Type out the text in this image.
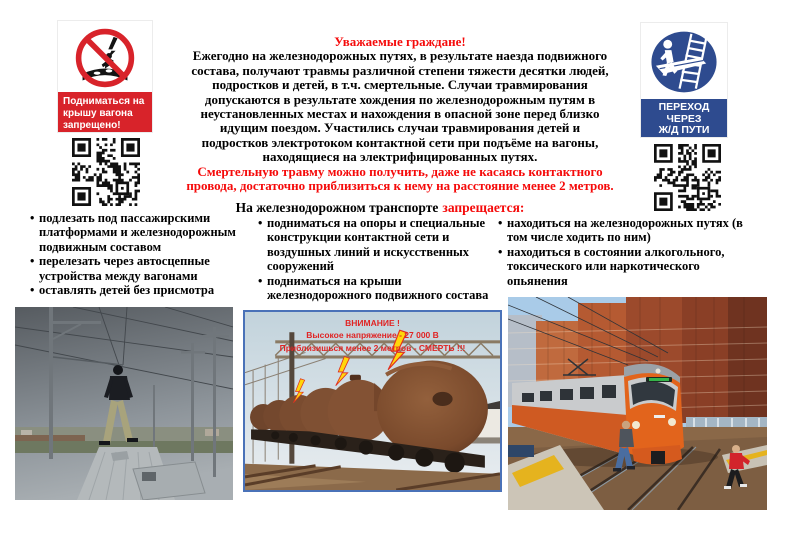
Подниматься на крышу вагона запрещено!
Уважаемые граждане!
Ежегодно на железнодорожных путях, в результате наезда подвижного состава, получают травмы различной степени тяжести десятки людей, подростков и детей, в т.ч. смертельные. Случаи травмирования допускаются в результате хождения по железнодорожным путям в неустановленных местах и нахождения в опасной зоне перед близко идущим поездом. Участились случаи травмирования детей и подростков электротоком контактной сети при подъёме на вагоны, находящиеся на электрифицированных путях.
Смертельную травму можно получить, даже не касаясь контактного
провода, достаточно приблизиться к нему на расстояние менее 2 метров.
ПЕРЕХОД
ЧЕРЕЗ
Ж/Д ПУТИ
На железнодорожном транспорте запрещается:
• подлезать под пассажирскими платформами и железнодорожным подвижным составом
• перелезать через автосцепные устройства между вагонами
• оставлять детей без присмотра
• подниматься на опоры и специальные конструкции контактной сети и воздушных линий и искусственных сооружений
• подниматься на крыши железнодорожного подвижного состава
• находиться на железнодорожных путях (в том числе ходить по ним)
• находиться в состоянии алкогольного, токсического или наркотического опьянения
ВНИМАНИЕ !
Высокое напряжение - 27 000 В
Приблизишься менее 2 метров - СМЕРТЬ !!!
